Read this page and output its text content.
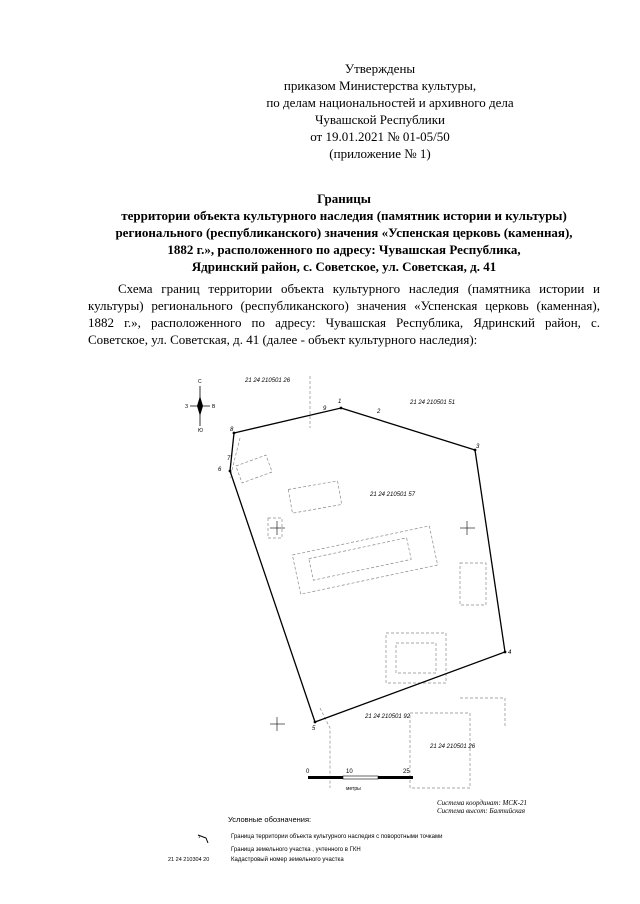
Утверждены
приказом Министерства культуры,
по делам национальностей и архивного дела
Чувашской Республики
от 19.01.2021 № 01-05/50
(приложение № 1)
Границы
территории объекта культурного наследия (памятник истории и культуры)
регионального (республиканского) значения «Успенская церковь (каменная),
1882 г.», расположенного по адресу: Чувашская Республика,
Ядринский район, с. Советское, ул. Советская, д. 41
Схема границ территории объекта культурного наследия (памятника истории и культуры) регионального (республиканского) значения «Успенская церковь (каменная), 1882 г.», расположенного по адресу: Чувашская Республика, Ядринский район, с. Советское, ул. Советская, д. 41 (далее - объект культурного наследия):
С
Ю
З	В
1
2
3
4
5
6
7
8
9
21 24 210501 26
21 24 210501 51
21 24 210501 57
21 24 210501 92
21 24 210501 26
0	10	25
метры
Система координат: МСК-21
Система высот: Балтийская
Условные обозначения:
1	Граница территории объекта культурного наследия с поворотными точками
Граница земельного участка , учтенного в ГКН
21 24 210304 20	Кадастровый номер земельного участка
